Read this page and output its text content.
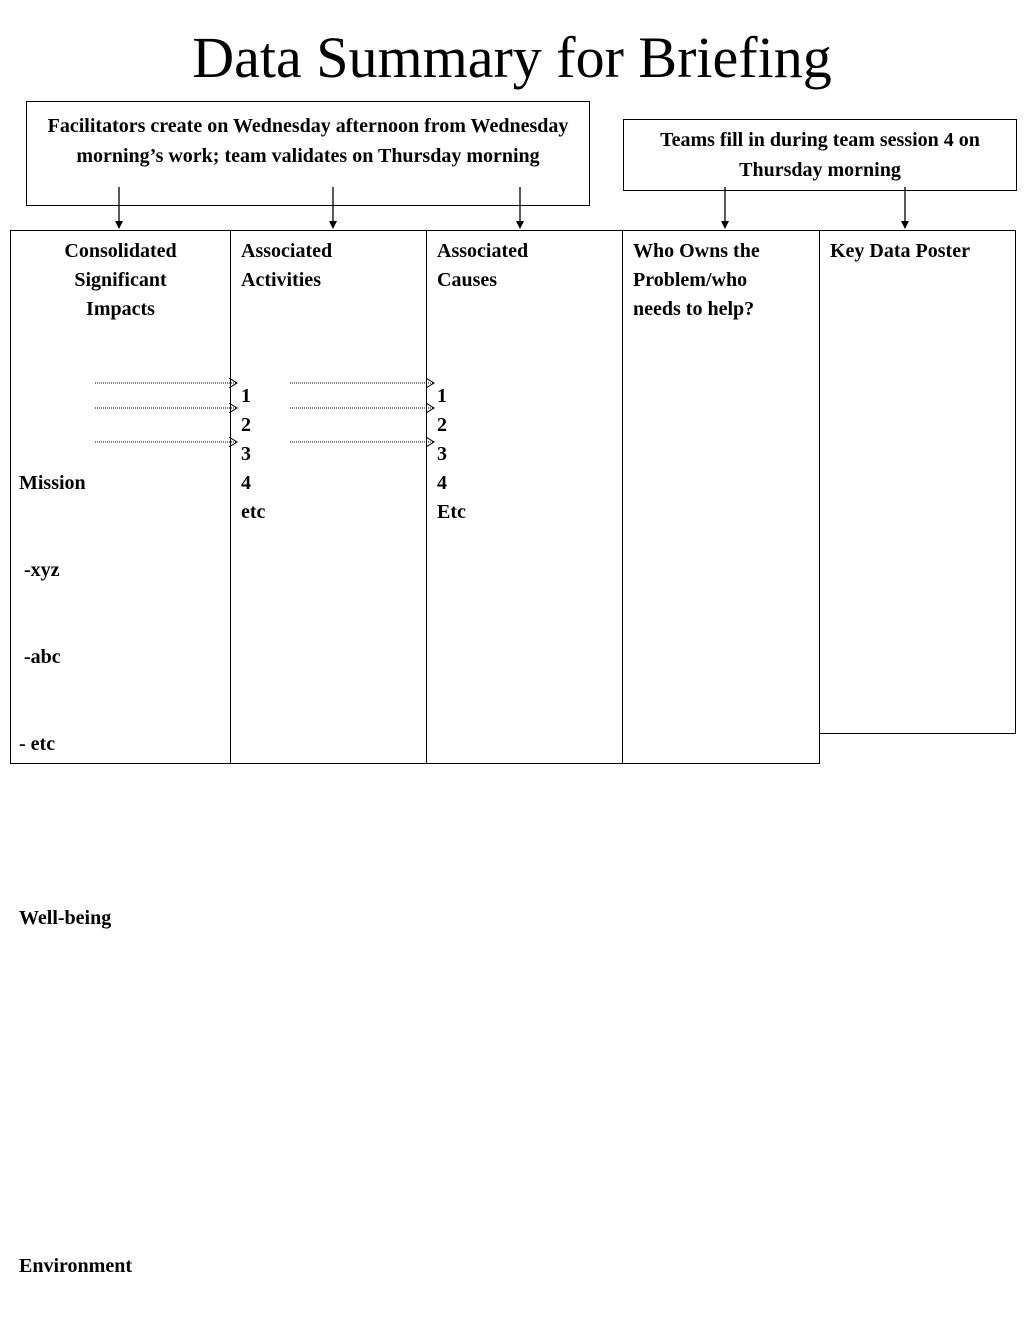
Data Summary for Briefing
Facilitators create on Wednesday afternoon from Wednesday morning’s work; team validates on Thursday morning
Teams fill in during team session 4 on Thursday morning
Consolidated
Significant
Impacts

Mission

-xyz

-abc

- etc

Well-being

Environment

Associated
Activities
1
2
3
4
etc
Associated
Causes
1
2
3
4
Etc
Who Owns the
Problem/who
needs to help?
Key Data Poster
